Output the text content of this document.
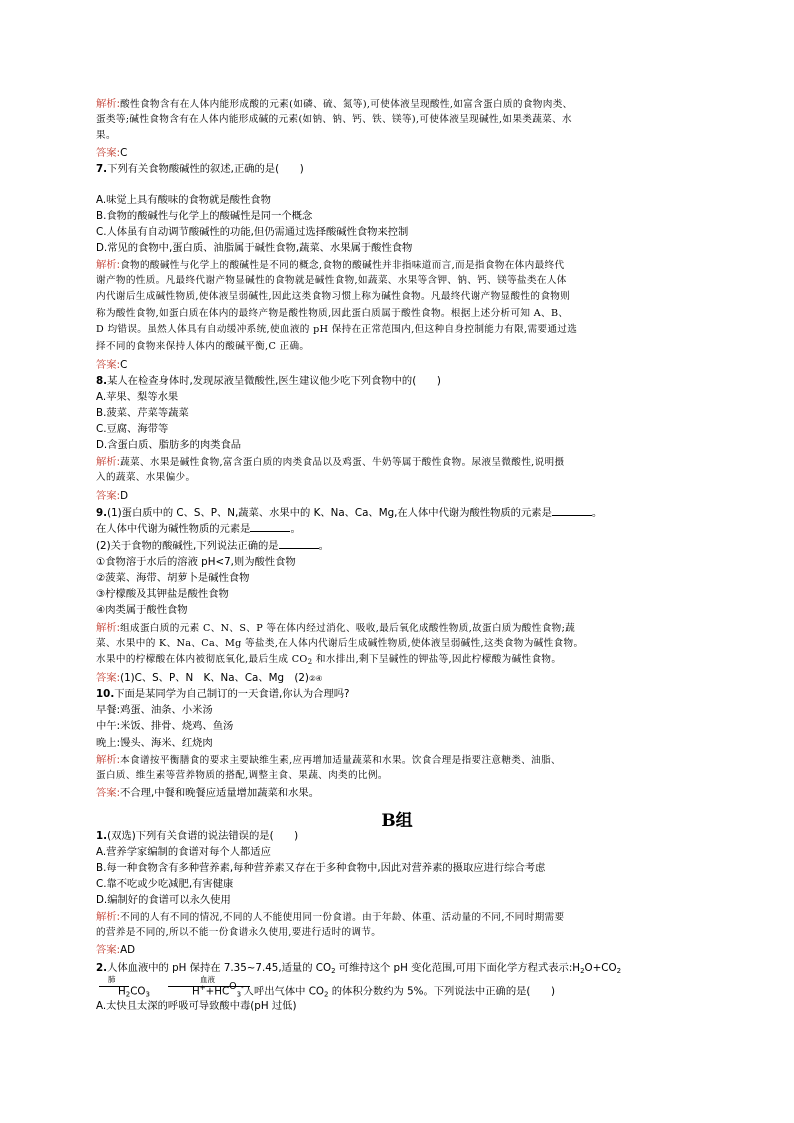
解析:酸性食物含有在人体内能形成酸的元素(如磷、硫、氮等),可使体液呈现酸性,如富含蛋白质的食物肉类、
蛋类等;碱性食物含有在人体内能形成碱的元素(如钠、钠、钙、铁、镁等),可使体液呈现碱性,如果类蔬菜、水
果。
答案:C
7.下列有关食物酸碱性的叙述,正确的是(　　)
A.味觉上具有酸味的食物就是酸性食物
B.食物的酸碱性与化学上的酸碱性是同一个概念
C.人体虽有自动调节酸碱性的功能,但仍需通过选择酸碱性食物来控制
D.常见的食物中,蛋白质、油脂属于碱性食物,蔬菜、水果属于酸性食物
解析:食物的酸碱性与化学上的酸碱性是不同的概念,食物的酸碱性并非指味道而言,而是指食物在体内最终代
谢产物的性质。凡最终代谢产物显碱性的食物就是碱性食物,如蔬菜、水果等含钾、钠、钙、镁等盐类在人体
内代谢后生成碱性物质,使体液呈弱碱性,因此这类食物习惯上称为碱性食物。凡最终代谢产物显酸性的食物则
称为酸性食物,如蛋白质在体内的最终产物是酸性物质,因此蛋白质属于酸性食物。根据上述分析可知 A、B、
D 均错误。虽然人体具有自动缓冲系统,使血液的 pH 保持在正常范围内,但这种自身控制能力有限,需要通过选
择不同的食物来保持人体内的酸碱平衡,C 正确。
答案:C
8.某人在检查身体时,发现尿液呈微酸性,医生建议他少吃下列食物中的(　　)
A.苹果、梨等水果
B.菠菜、芹菜等蔬菜
C.豆腐、海带等
D.含蛋白质、脂肪多的肉类食品
解析:蔬菜、水果是碱性食物,富含蛋白质的肉类食品以及鸡蛋、牛奶等属于酸性食物。尿液呈微酸性,说明摄
入的蔬菜、水果偏少。
答案:D
9.(1)蛋白质中的 C、S、P、N,蔬菜、水果中的 K、Na、Ca、Mg,在人体中代谢为酸性物质的元素是	。
在人体中代谢为碱性物质的元素是	。
(2)关于食物的酸碱性,下列说法正确的是	。
①食物溶于水后的溶液 pH<7,则为酸性食物
②菠菜、海带、胡萝卜是碱性食物
③柠檬酸及其钾盐是酸性食物
④肉类属于酸性食物
解析:组成蛋白质的元素 C、N、S、P 等在体内经过消化、吸收,最后氧化成酸性物质,故蛋白质为酸性食物;蔬
菜、水果中的 K、Na、Ca、Mg 等盐类,在人体内代谢后生成碱性物质,使体液呈弱碱性,这类食物为碱性食物。
水果中的柠檬酸在体内被彻底氧化,最后生成 $CO_2$ 和水排出,剩下呈碱性的钾盐等,因此柠檬酸为碱性食物。
答案:(1)C、S、P、N　K、Na、Ca、Mg　(2)②④
10.下面是某同学为自己制订的一天食谱,你认为合理吗?
早餐:鸡蛋、油条、小米汤
中午:米饭、排骨、烧鸡、鱼汤
晚上:馒头、海米、红烧肉
解析:本食谱按平衡膳食的要求主要缺维生素,应再增加适量蔬菜和水果。饮食合理是指要注意糖类、油脂、
蛋白质、维生素等营养物质的搭配,调整主食、果蔬、肉类的比例。
答案:不合理,中餐和晚餐应适量增加蔬菜和水果。
B组
1.(双选)下列有关食谱的说法错误的是(　　)
A.营养学家编制的食谱对每个人都适应
B.每一种食物含有多种营养素,每种营养素又存在于多种食物中,因此对营养素的摄取应进行综合考虑
C.靠不吃或少吃减肥,有害健康
D.编制好的食谱可以永久使用
解析:不同的人有不同的情况,不同的人不能使用同一份食谱。由于年龄、体重、活动量的不同,不同时期需要
的营养是不同的,所以不能一份食谱永久使用,要进行适时的调节。
答案:AD
2.人体血液中的 pH 保持在 7.35~7.45,适量的 $CO_2$ 可维持这个 pH 变化范围,可用下面化学方程式表示$:H_2O+CO_2$
肺	血液
$H_2CO_3$	$H^++HCO_3^-$人呼出气体中 $CO_2$ 的体积分数约为 5%。下列说法中正确的是(　　)
A.太快且太深的呼吸可导致酸中毒(pH 过低)
